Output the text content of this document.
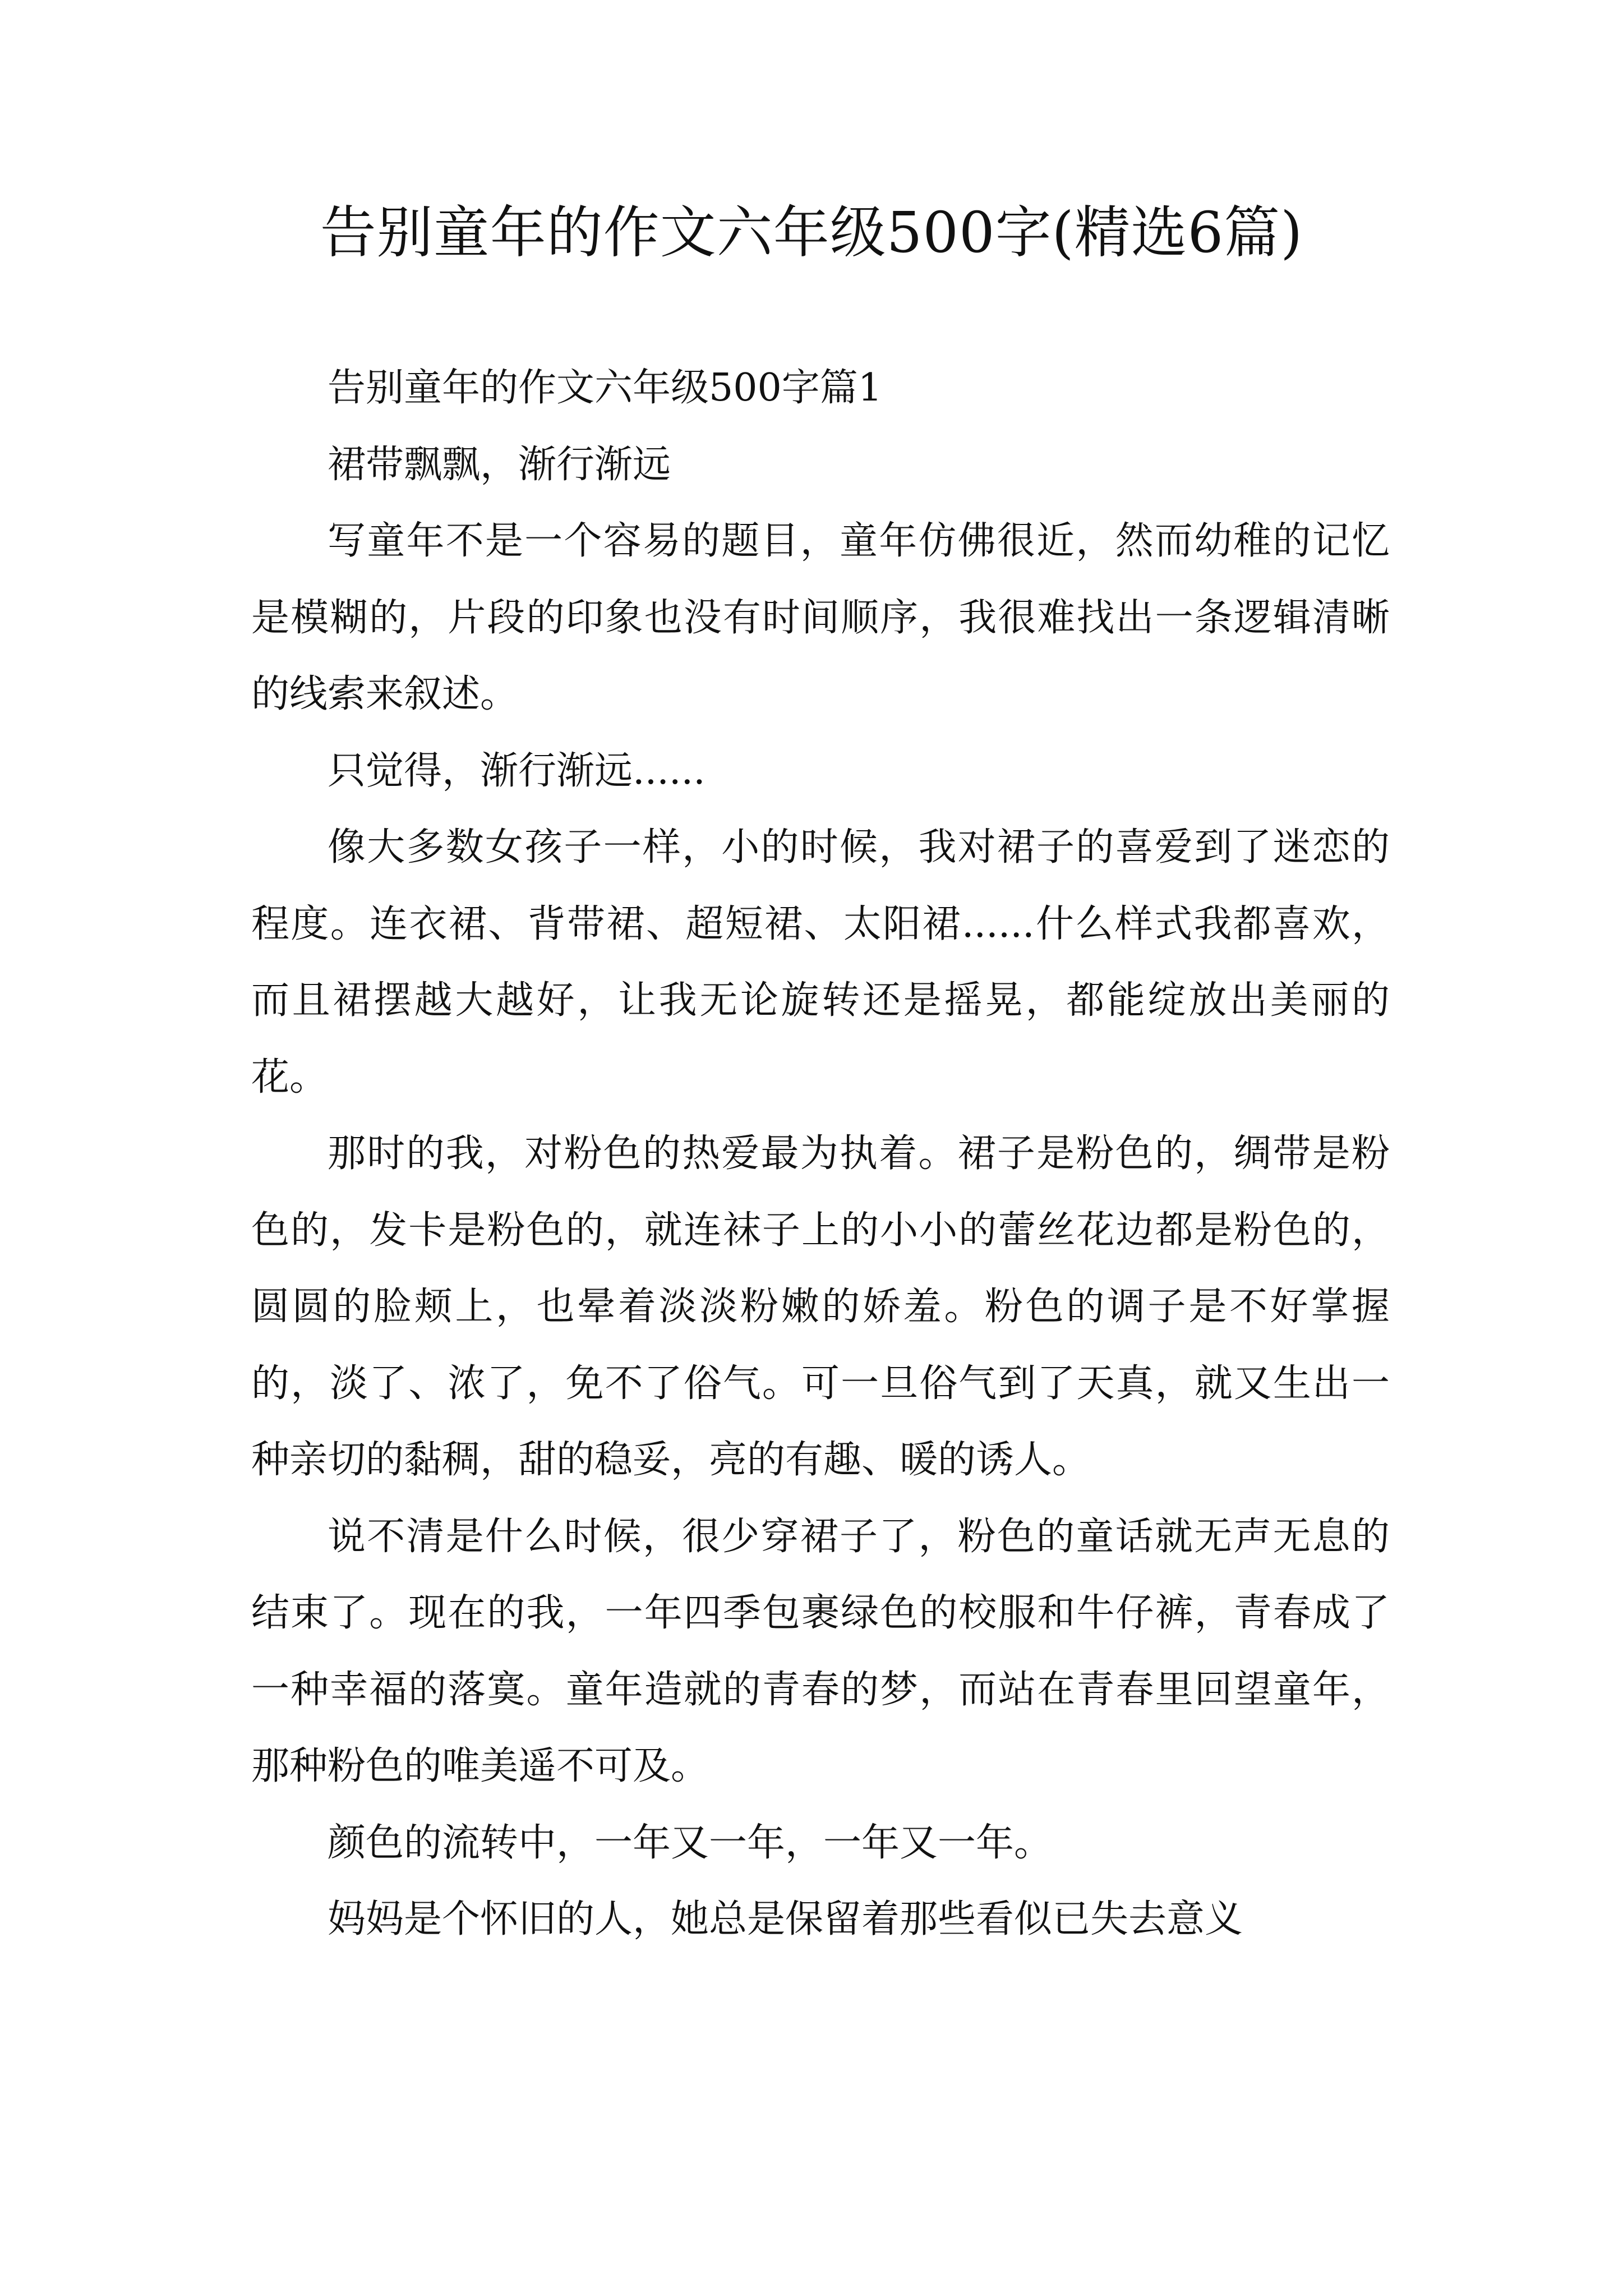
告别童年的作文六年级500字(精选6篇)

告别童年的作文六年级500字篇1

裙带飘飘，渐行渐远

写童年不是一个容易的题目，童年仿佛很近，然而幼稚的记忆是模糊的，片段的印象也没有时间顺序，我很难找出一条逻辑清晰的线索来叙述。

只觉得，渐行渐远......

像大多数女孩子一样，小的时候，我对裙子的喜爱到了迷恋的程度。连衣裙、背带裙、超短裙、太阳裙......什么样式我都喜欢，而且裙摆越大越好，让我无论旋转还是摇晃，都能绽放出美丽的花。

那时的我，对粉色的热爱最为执着。裙子是粉色的，绸带是粉色的，发卡是粉色的，就连袜子上的小小的蕾丝花边都是粉色的，圆圆的脸颊上，也晕着淡淡粉嫩的娇羞。粉色的调子是不好掌握的，淡了、浓了，免不了俗气。可一旦俗气到了天真，就又生出一种亲切的黏稠，甜的稳妥，亮的有趣、暖的诱人。

说不清是什么时候，很少穿裙子了，粉色的童话就无声无息的结束了。现在的我，一年四季包裹绿色的校服和牛仔裤，青春成了一种幸福的落寞。童年造就的青春的梦，而站在青春里回望童年，那种粉色的唯美遥不可及。

颜色的流转中，一年又一年，一年又一年。

妈妈是个怀旧的人，她总是保留着那些看似已失去意义
